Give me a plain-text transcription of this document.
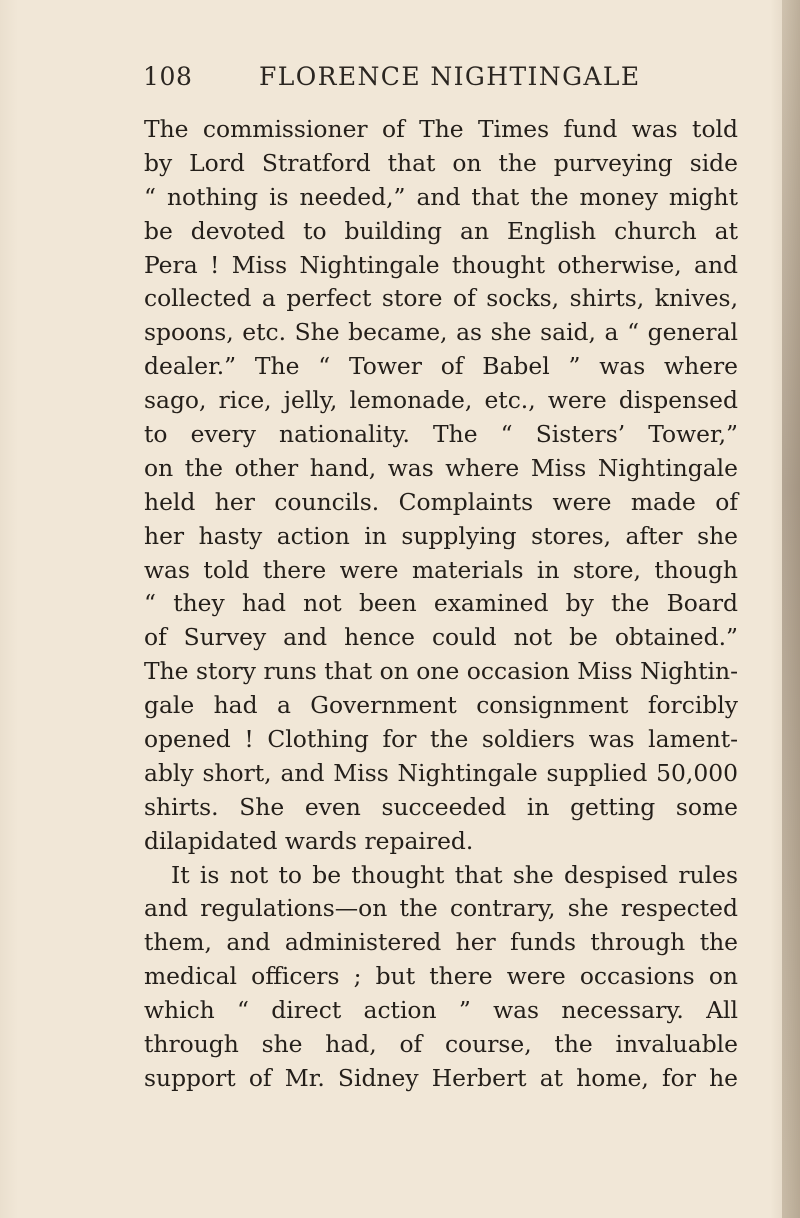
108	FLORENCE NIGHTINGALE
The commissioner of The Times fund was told
by Lord Stratford that on the purveying side
“ nothing is needed,” and that the money might
be devoted to building an English church at
Pera ! Miss Nightingale thought otherwise, and
collected a perfect store of socks, shirts, knives,
spoons, etc. She became, as she said, a “ general
dealer.” The “ Tower of Babel ” was where
sago, rice, jelly, lemonade, etc., were dispensed
to every nationality. The “ Sisters’ Tower,”
on the other hand, was where Miss Nightingale
held her councils. Complaints were made of
her hasty action in supplying stores, after she
was told there were materials in store, though
“ they had not been examined by the Board
of Survey and hence could not be obtained.”
The story runs that on one occasion Miss Nightin-
gale had a Government consignment forcibly
opened ! Clothing for the soldiers was lament-
ably short, and Miss Nightingale supplied 50,000
shirts. She even succeeded in getting some
dilapidated wards repaired.
It is not to be thought that she despised rules
and regulations—on the contrary, she respected
them, and administered her funds through the
medical officers ; but there were occasions on
which “ direct action ” was necessary. All
through she had, of course, the invaluable
support of Mr. Sidney Herbert at home, for he
